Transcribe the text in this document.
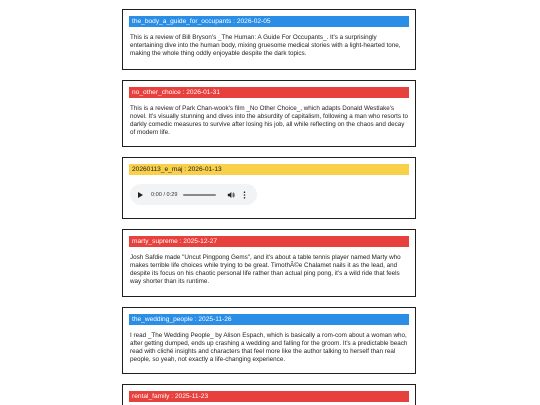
the_body_a_guide_for_occupants : 2026-02-05
This is a review of Bill Bryson's _The Human: A Guide For Occupants_. It's a surprisingly entertaining dive into the human body, mixing gruesome medical stories with a light-hearted tone, making the whole thing oddly enjoyable despite the dark topics.
no_other_choice : 2026-01-31
This is a review of Park Chan-wook's film _No Other Choice_, which adapts Donald Westlake's novel. It's visually stunning and dives into the absurdity of capitalism, following a man who resorts to darkly comedic measures to survive after losing his job, all while reflecting on the chaos and decay of modern life.
20260113_e_maj : 2026-01-13
0:00 / 0:29
marty_supreme : 2025-12-27
Josh Safdie made "Uncut Pingpong Gems", and it's about a table tennis player named Marty who makes terrible life choices while trying to be great. TimothÃ©e Chalamet nails it as the lead, and despite its focus on his chaotic personal life rather than actual ping pong, it's a wild ride that feels way shorter than its runtime.
the_wedding_people : 2025-11-26
I read _The Wedding People_ by Alison Espach, which is basically a rom-com about a woman who, after getting dumped, ends up crashing a wedding and falling for the groom. It's a predictable beach read with cliché insights and characters that feel more like the author talking to herself than real people, so yeah, not exactly a life-changing experience.
rental_family : 2025-11-23
